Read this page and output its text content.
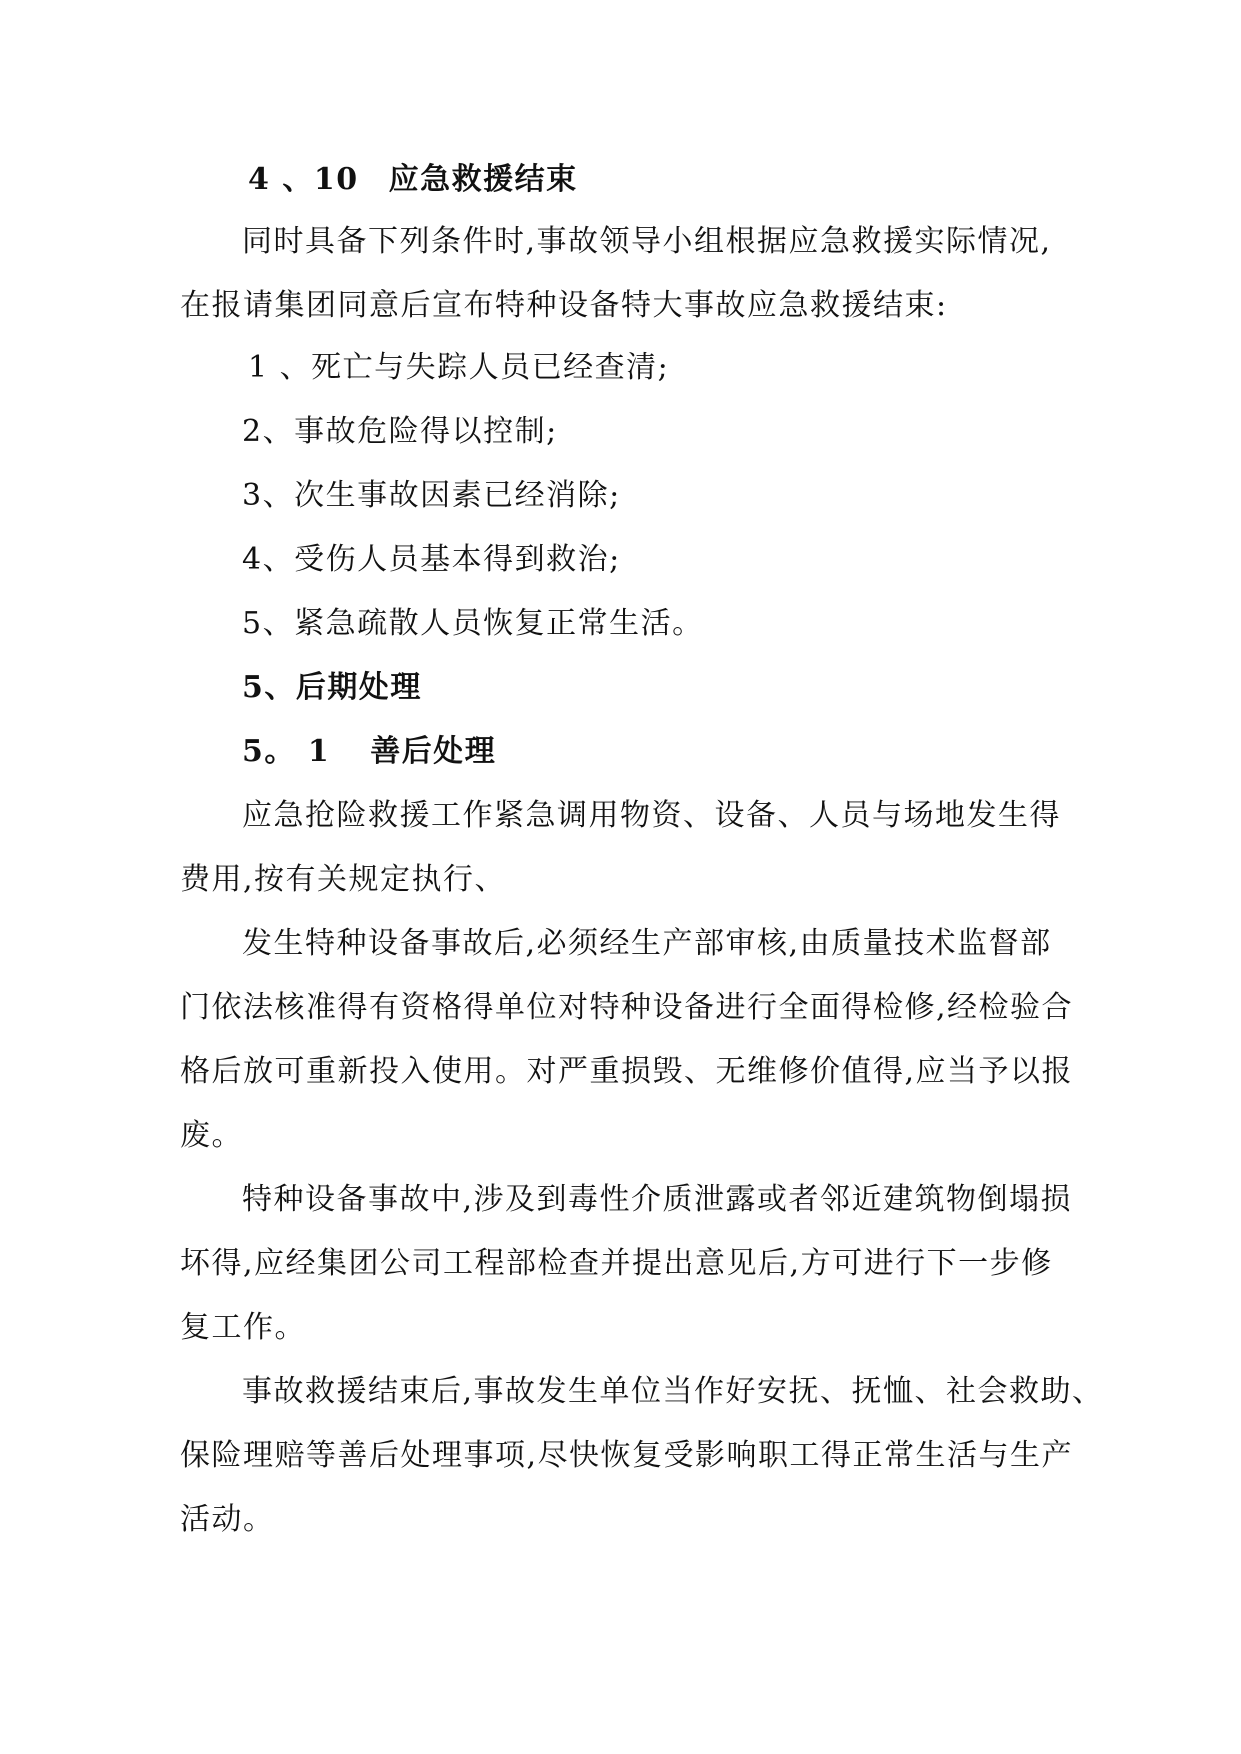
4 、10 应急救援结束
同时具备下列条件时,事故领导小组根据应急救援实际情况,
在报请集团同意后宣布特种设备特大事故应急救援结束:
1 、死亡与失踪人员已经查清;
2、事故危险得以控制;
3、次生事故因素已经消除;
4、受伤人员基本得到救治;
5、紧急疏散人员恢复正常生活。
5、后期处理
5。 1 善后处理
应急抢险救援工作紧急调用物资、设备、人员与场地发生得
费用,按有关规定执行、
发生特种设备事故后,必须经生产部审核,由质量技术监督部
门依法核准得有资格得单位对特种设备进行全面得检修,经检验合
格后放可重新投入使用。对严重损毁、无维修价值得,应当予以报
废。
特种设备事故中,涉及到毒性介质泄露或者邻近建筑物倒塌损
坏得,应经集团公司工程部检查并提出意见后,方可进行下一步修
复工作。
事故救援结束后,事故发生单位当作好安抚、抚恤、社会救助、
保险理赔等善后处理事项,尽快恢复受影响职工得正常生活与生产
活动。
